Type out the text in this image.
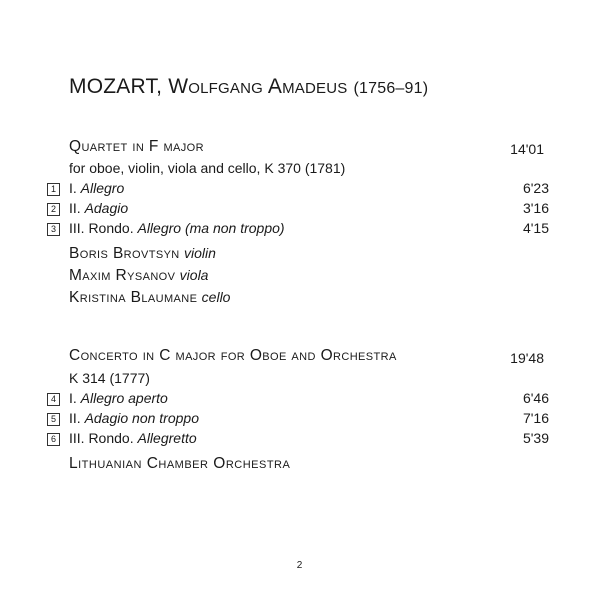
MOZART, Wolfgang Amadeus (1756–91)
Quartet in F major	14'01
for oboe, violin, viola and cello, K 370 (1781)
1 I. Allegro	6'23
2 II. Adagio	3'16
3 III. Rondo. Allegro (ma non troppo)	4'15
Boris Brovtsyn violin
Maxim Rysanov viola
Kristina Blaumane cello
Concerto in C major for Oboe and Orchestra	19'48
K 314 (1777)
4 I. Allegro aperto	6'46
5 II. Adagio non troppo	7'16
6 III. Rondo. Allegretto	5'39
Lithuanian Chamber Orchestra
2
